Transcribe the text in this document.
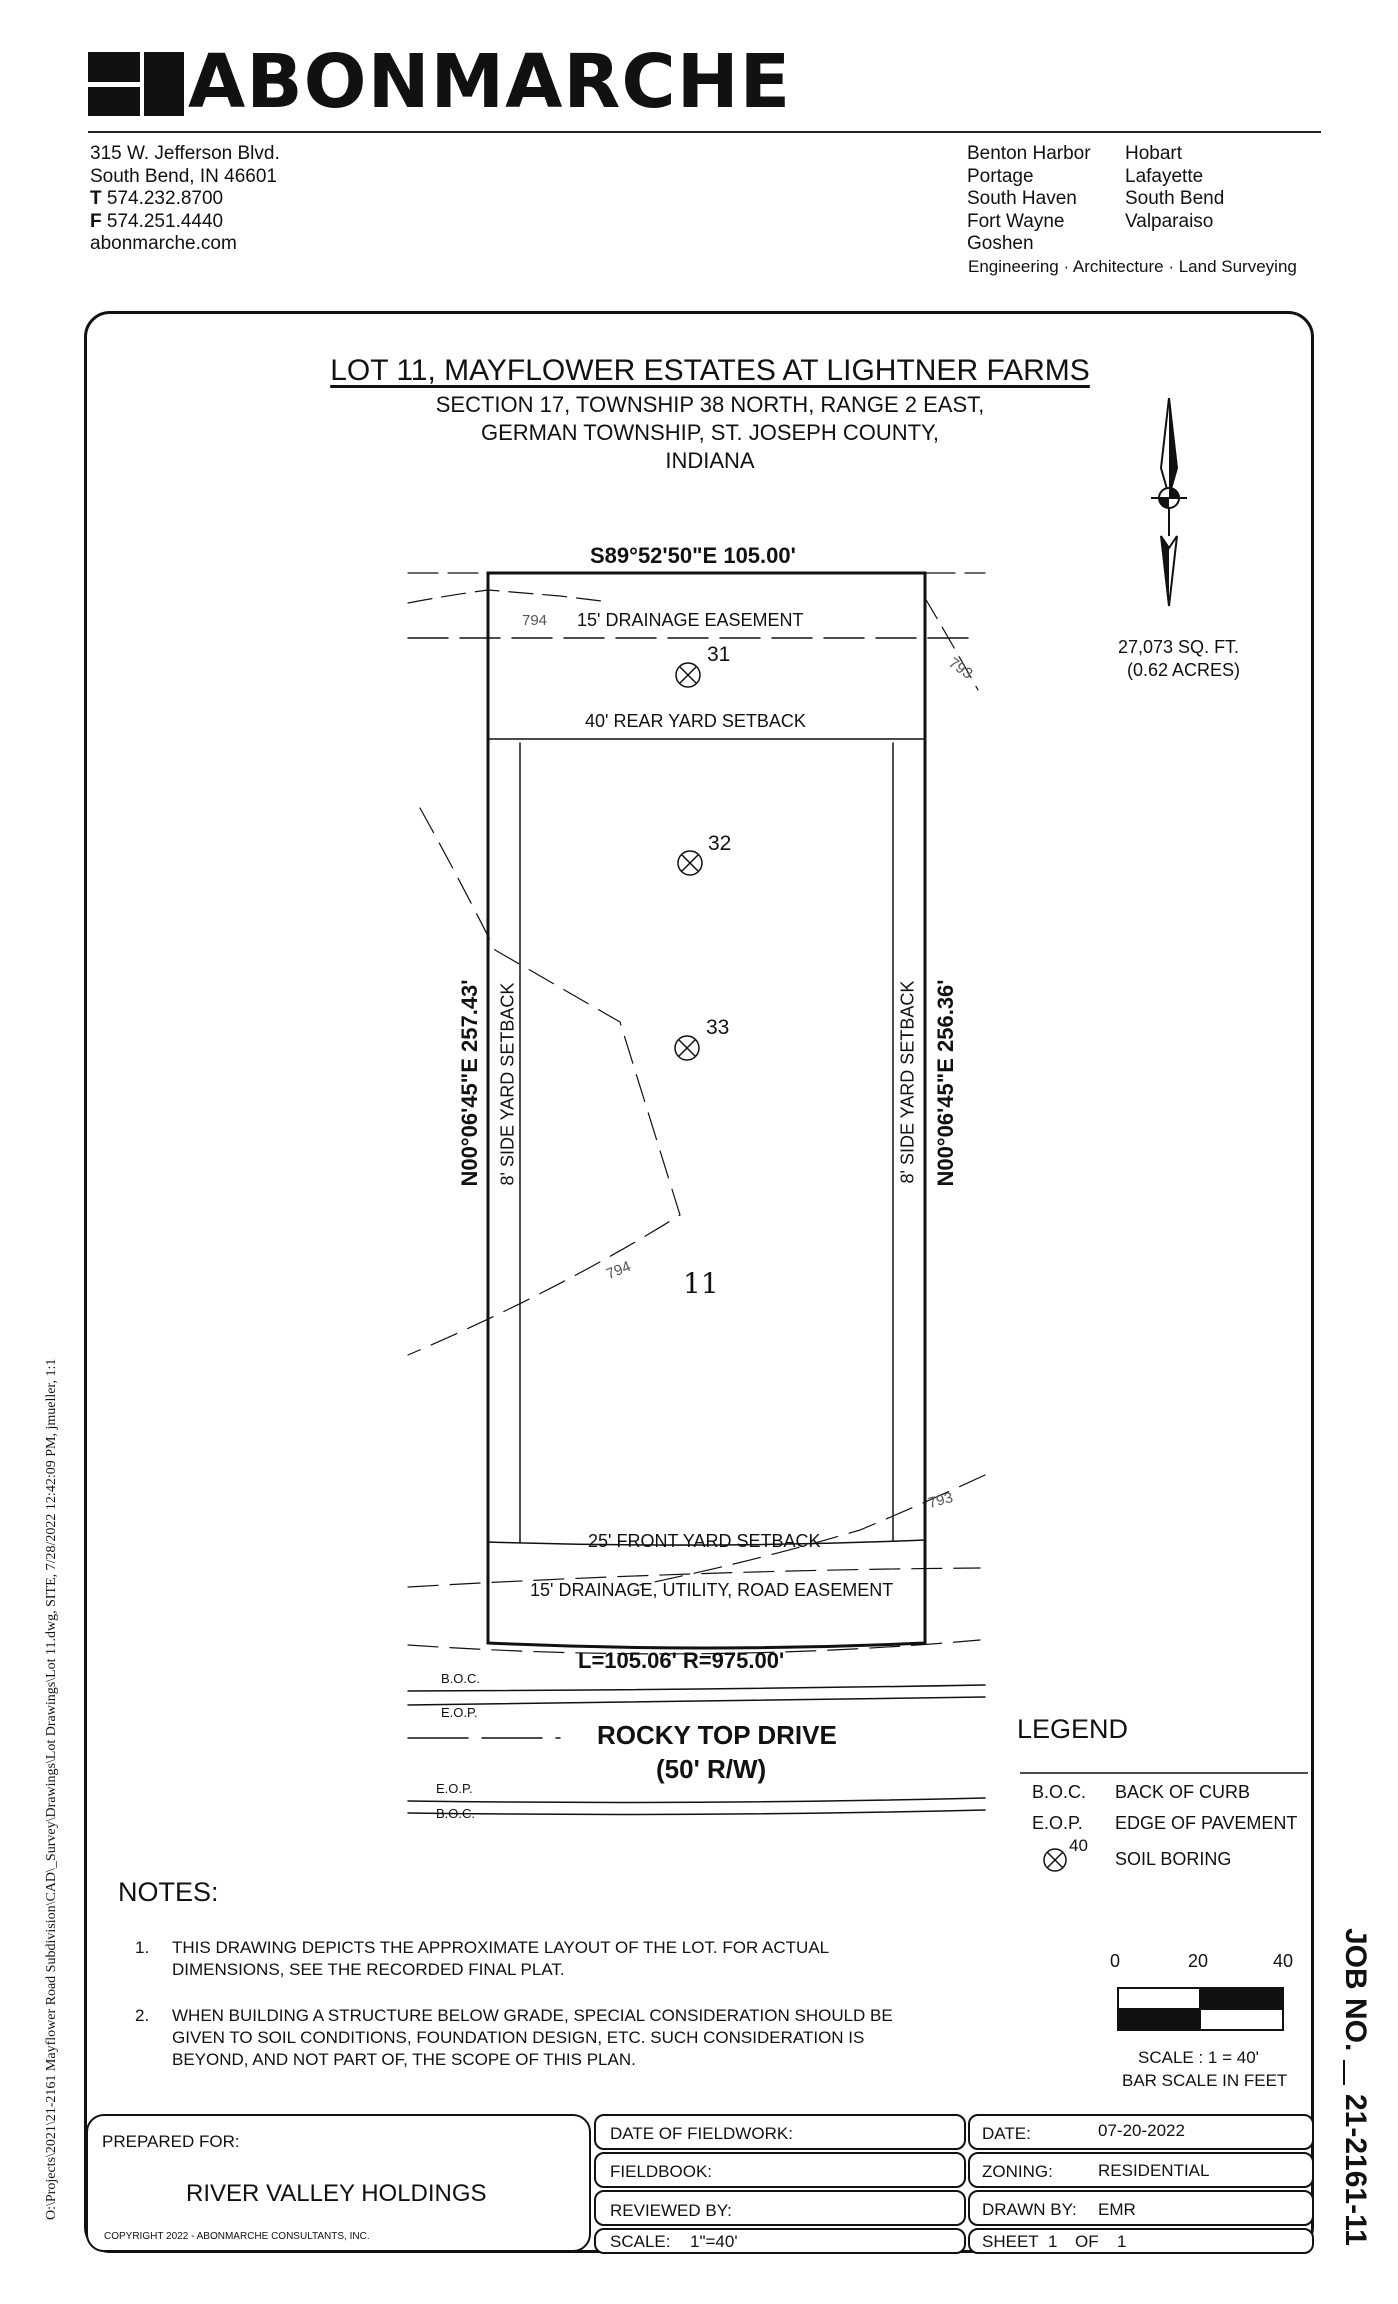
ABONMARCHE
315 W. Jefferson Blvd.
South Bend, IN 46601
T 574.232.8700
F 574.251.4440
abonmarche.com
Benton Harbor
Portage
South Haven
Fort Wayne
Goshen
Hobart
Lafayette
South Bend
Valparaiso
Engineering · Architecture · Land Surveying
LOT 11, MAYFLOWER ESTATES AT LIGHTNER FARMS
SECTION 17, TOWNSHIP 38 NORTH, RANGE 2 EAST,
GERMAN TOWNSHIP, ST. JOSEPH COUNTY,
INDIANA
27,073 SQ. FT.
(0.62 ACRES)
S89°52'50"E 105.00'
15' DRAINAGE EASEMENT
40' REAR YARD SETBACK
25' FRONT YARD SETBACK
15' DRAINAGE, UTILITY, ROAD EASEMENT
L=105.06' R=975.00'
N00°06'45"E 257.43' 8' SIDE YARD SETBACK	8' SIDE YARD SETBACK N00°06'45"E 256.36'
794
793
794
793
31
32
33
11
B.O.C.
E.O.P.
E.O.P.
B.O.C.
ROCKY TOP DRIVE
(50' R/W)
LEGEND
B.O.C. BACK OF CURB
E.O.P. EDGE OF PAVEMENT
40
SOIL BORING
0	20	40
SCALE : 1 = 40'
BAR SCALE IN FEET
NOTES:
1. THIS DRAWING DEPICTS THE APPROXIMATE LAYOUT OF THE LOT. FOR ACTUAL DIMENSIONS, SEE THE RECORDED FINAL PLAT.
2. WHEN BUILDING A STRUCTURE BELOW GRADE, SPECIAL CONSIDERATION SHOULD BE GIVEN TO SOIL CONDITIONS, FOUNDATION DESIGN, ETC. SUCH CONSIDERATION IS BEYOND, AND NOT PART OF, THE SCOPE OF THIS PLAN.
JOB NO.
21-2161-11
PREPARED FOR:
RIVER VALLEY HOLDINGS
COPYRIGHT 2022 - ABONMARCHE CONSULTANTS, INC.
DATE OF FIELDWORK:
FIELDBOOK:
REVIEWED BY:
SCALE: 1"=40'
DATE:	07-20-2022
ZONING:	RESIDENTIAL
DRAWN BY: EMR
SHEET 1 OF 1
O:\Projects\2021\21-2161 Mayflower Road Subdivision\CAD\_Survey\Drawings\Lot Drawings\Lot 11.dwg, SITE, 7/28/2022 12:42:09 PM, jmueller, 1:1
